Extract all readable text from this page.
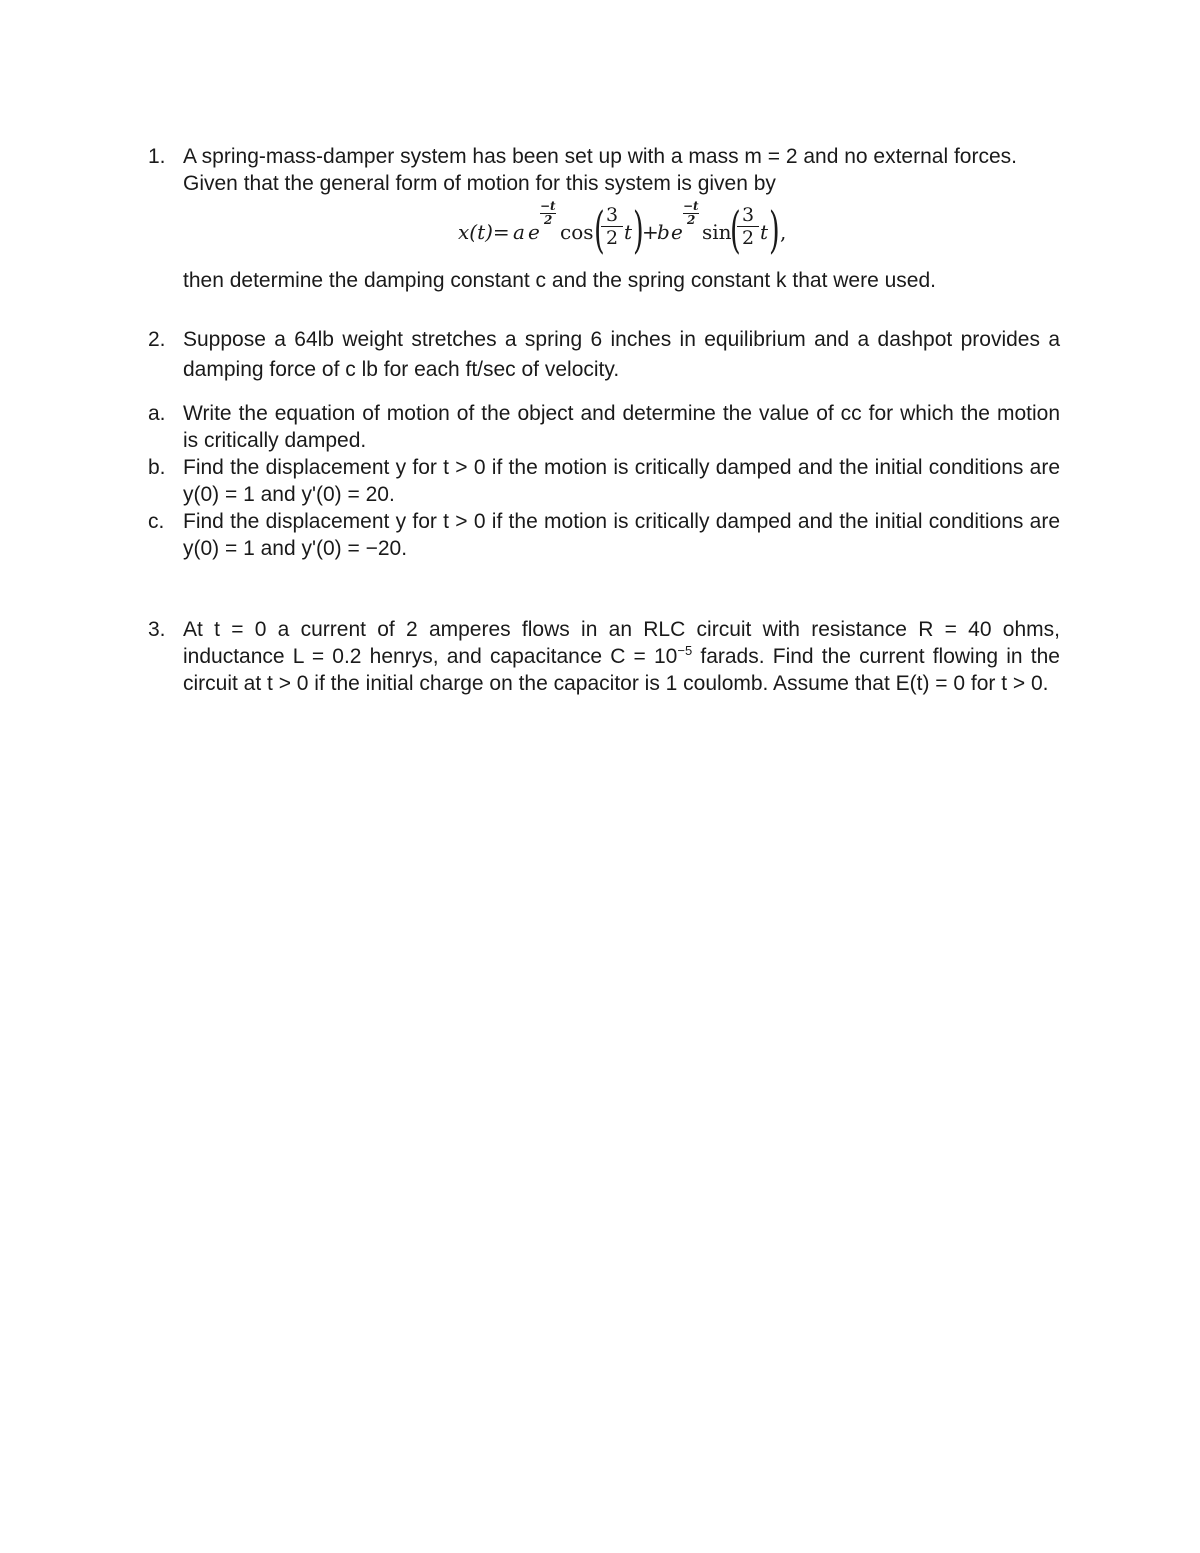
1. A spring-mass-damper system has been set up with a mass m = 2 and no external forces. Given that the general form of motion for this system is given by
x(t)= a e
−t
2 cos (
$\frac{3}{2}$ t )
+
b e
−t
2 sin
(
$\frac{3}{2}$ t ) ,
then determine the damping constant c and the spring constant k that were used.
2. Suppose a 64lb weight stretches a spring 6 inches in equilibrium and a dashpot provides a damping force of c lb for each ft/sec of velocity.
a. Write the equation of motion of the object and determine the value of cc for which the motion is critically damped.
b. Find the displacement y for t > 0 if the motion is critically damped and the initial conditions are y(0) = 1 and y'(0) = 20.
c. Find the displacement y for t > 0 if the motion is critically damped and the initial conditions are y(0) = 1 and y'(0) = −20.
3. At t = 0 a current of 2 amperes flows in an RLC circuit with resistance R = 40 ohms, inductance L = 0.2 henrys, and capacitance $C = 10^{-5}$ farads. Find the current flowing in the circuit at t > 0 if the initial charge on the capacitor is 1 coulomb. Assume that E(t) = 0 for t > 0.
